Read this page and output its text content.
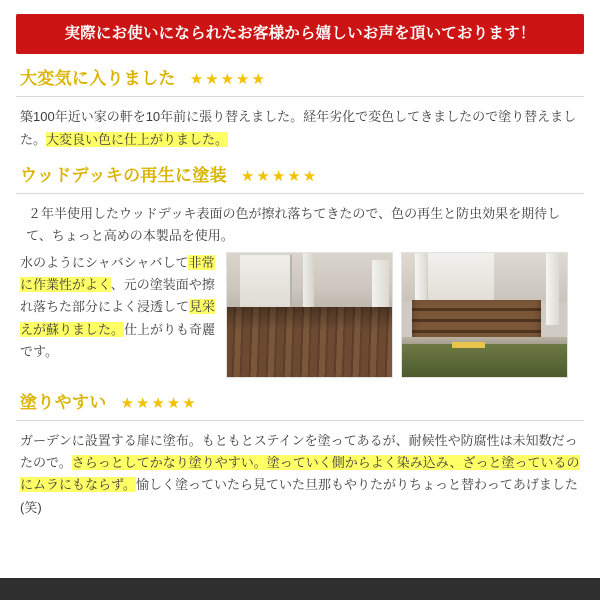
実際にお使いになられたお客様から嬉しいお声を頂いております！
大変気に入りました ★★★★★
築100年近い家の軒を10年前に張り替えました。経年劣化で変色してきましたので塗り替えました。大変良い色に仕上がりました。
ウッドデッキの再生に塗装 ★★★★★
２年半使用したウッドデッキ表面の色が擦れ落ちてきたので、色の再生と防虫効果を期待して、ちょっと高めの本製品を使用。
水のようにシャバシャバして非常に作業性がよく、元の塗装面や擦れ落ちた部分によく浸透して見栄えが蘇りました。仕上がりも奇麗です。
塗りやすい ★★★★★
ガーデンに設置する扉に塗布。もともとステインを塗ってあるが、耐候性や防腐性は未知数だったので。さらっとしてかなり塗りやすい。塗っていく側からよく染み込み、ざっと塗っているのにムラにもならず。愉しく塗っていたら見ていた旦那もやりたがりちょっと替わってあげました(笑)
